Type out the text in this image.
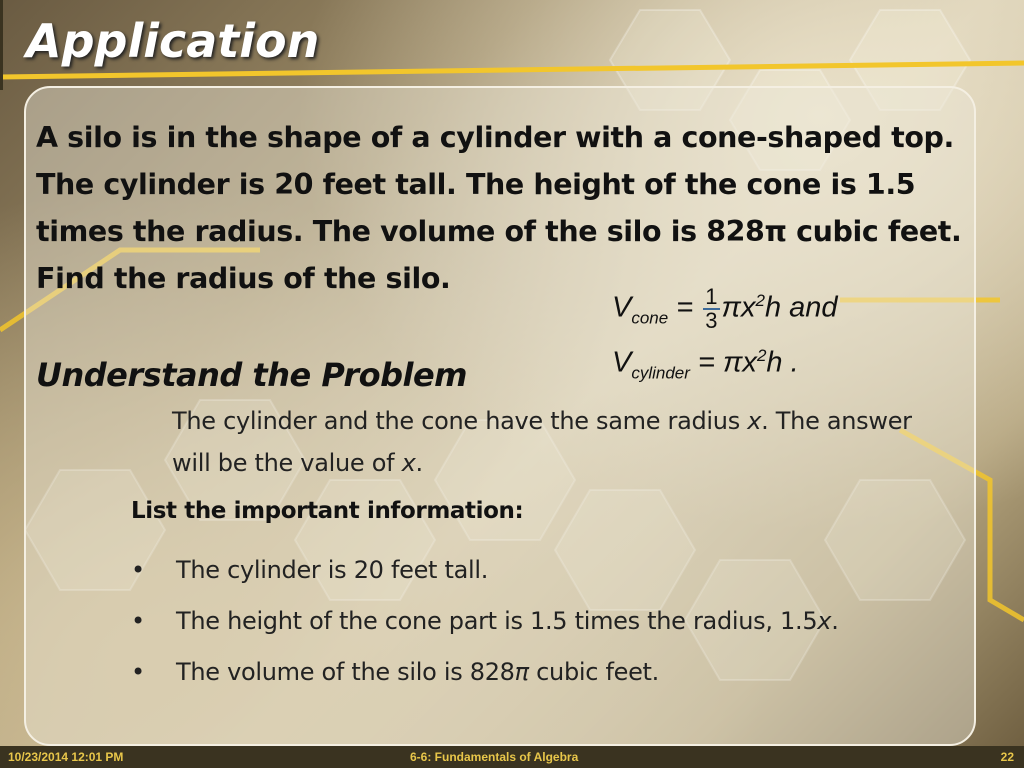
Application

A silo is in the shape of a cylinder with a cone-shaped top. The cylinder is 20 feet tall. The height of the cone is 1.5 times the radius. The volume of the silo is 828π cubic feet. Find the radius of the silo.

$V_{cone} = \frac{1}{3} \pi x^2h$ and
$V_{cylinder} = \pi x^2h$ .
Understand the Problem

The cylinder and the cone have the same radius x. The answer will be the value of x.

List the important information:

•	The cylinder is 20 feet tall.
•	The height of the cone part is 1.5 times the radius, 1.5x.
•	The volume of the silo is 828π cubic feet.
10/23/2014 12:01 PM	6-6: Fundamentals of Algebra	22
